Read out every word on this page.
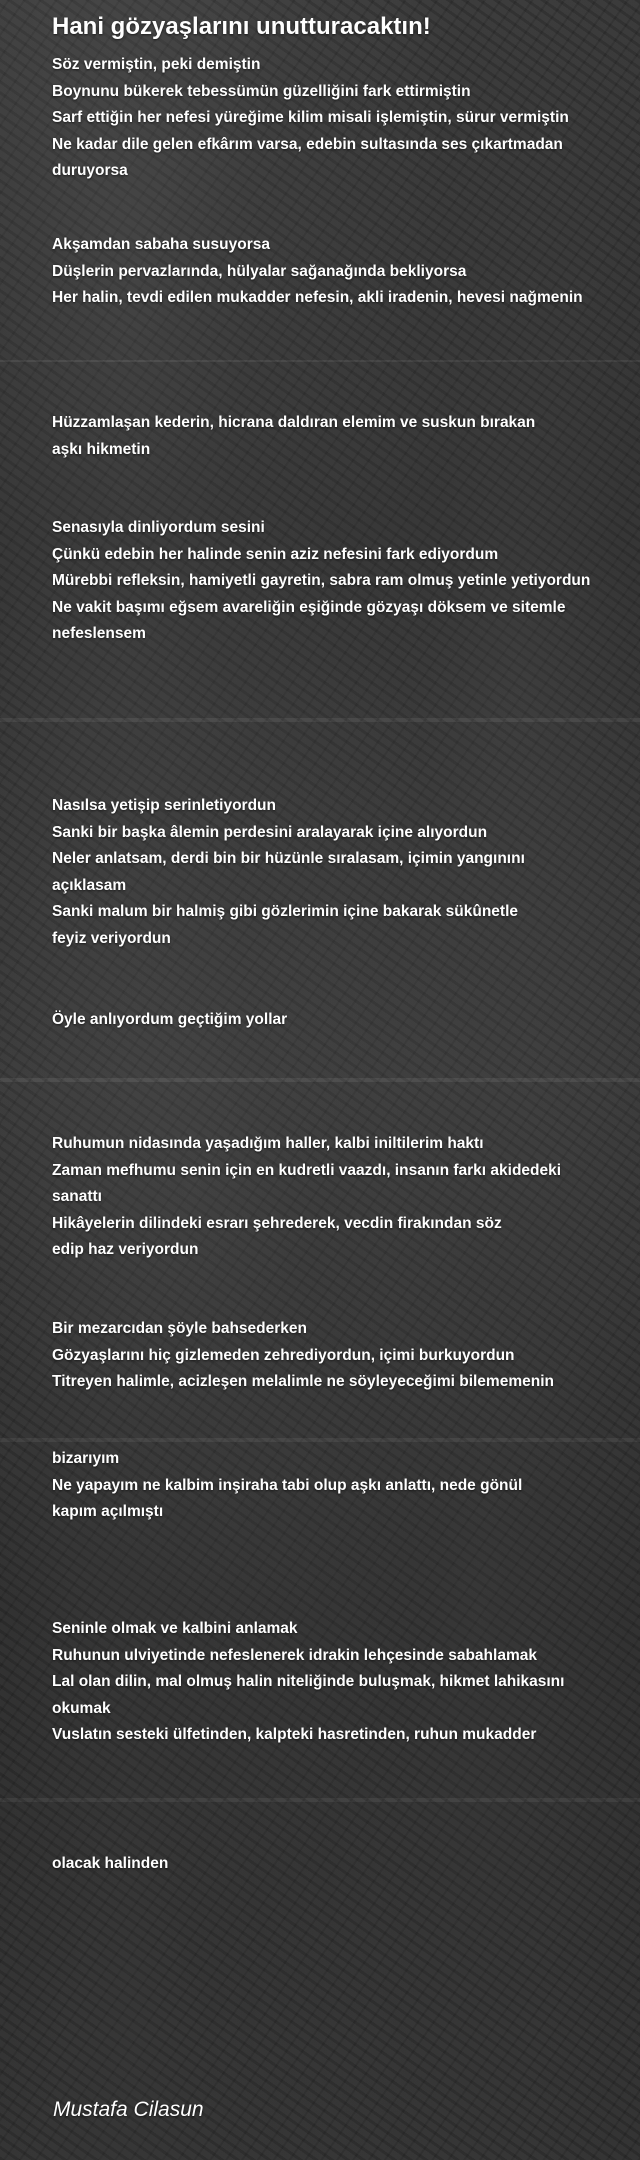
Hani gözyaşlarını unutturacaktın!
Söz vermiştin, peki demiştin
Boynunu bükerek tebessümün güzelliğini fark ettirmiştin
Sarf ettiğin her nefesi yüreğime kilim misali işlemiştin, sürur vermiştin
Ne kadar dile gelen efkârım varsa, edebin sultasında ses çıkartmadan
duruyorsa
Akşamdan sabaha susuyorsa
Düşlerin pervazlarında, hülyalar sağanağında bekliyorsa
Her halin, tevdi edilen mukadder nefesin, akli iradenin, hevesi nağmenin
Hüzzamlaşan kederin, hicrana daldıran elemim ve suskun bırakan
aşkı hikmetin
Senasıyla dinliyordum sesini
Çünkü edebin her halinde senin aziz nefesini fark ediyordum
Mürebbi refleksin, hamiyetli gayretin, sabra ram olmuş yetinle yetiyordun
Ne vakit başımı eğsem avareliğin eşiğinde gözyaşı döksem ve sitemle
nefeslensem
Nasılsa yetişip serinletiyordun
Sanki bir başka âlemin perdesini aralayarak içine alıyordun
Neler anlatsam, derdi bin bir hüzünle sıralasam, içimin yangınını
açıklasam
Sanki malum bir halmiş gibi gözlerimin içine bakarak sükûnetle
feyiz veriyordun
Öyle anlıyordum geçtiğim yollar
Ruhumun nidasında yaşadığım haller, kalbi iniltilerim haktı
Zaman mefhumu senin için en kudretli vaazdı, insanın farkı akidedeki
sanattı
Hikâyelerin dilindeki esrarı şehrederek, vecdin firakından söz
edip haz veriyordun
Bir mezarcıdan şöyle bahsederken
Gözyaşlarını hiç gizlemeden zehrediyordun, içimi burkuyordun
Titreyen halimle, acizleşen melalimle ne söyleyeceğimi bilememenin
bizarıyım
Ne yapayım ne kalbim inşiraha tabi olup aşkı anlattı, nede gönül
kapım açılmıştı
Seninle olmak ve kalbini anlamak
Ruhunun ulviyetinde nefeslenerek idrakin lehçesinde sabahlamak
Lal olan dilin, mal olmuş halin niteliğinde buluşmak, hikmet lahikasını
okumak
Vuslatın sesteki ülfetinden, kalpteki hasretinden, ruhun mukadder
olacak halinden

Mustafa Cilasun
